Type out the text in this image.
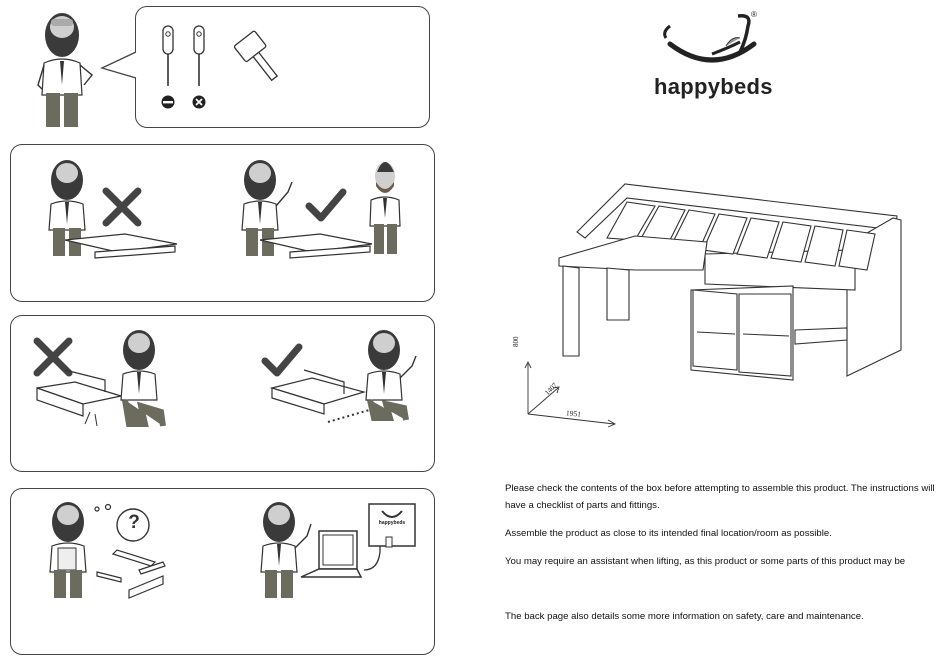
?	happybeds
®
happybeds
800
1407
1951
Please check the contents of the box before attempting to assemble this product. The instructions will have a checklist of parts and fittings.
Assemble the product as close to its intended final location/room as possible.
You may require an assistant when lifting, as this product or some parts of this product may be
The back page also details some more information on safety, care and maintenance.
